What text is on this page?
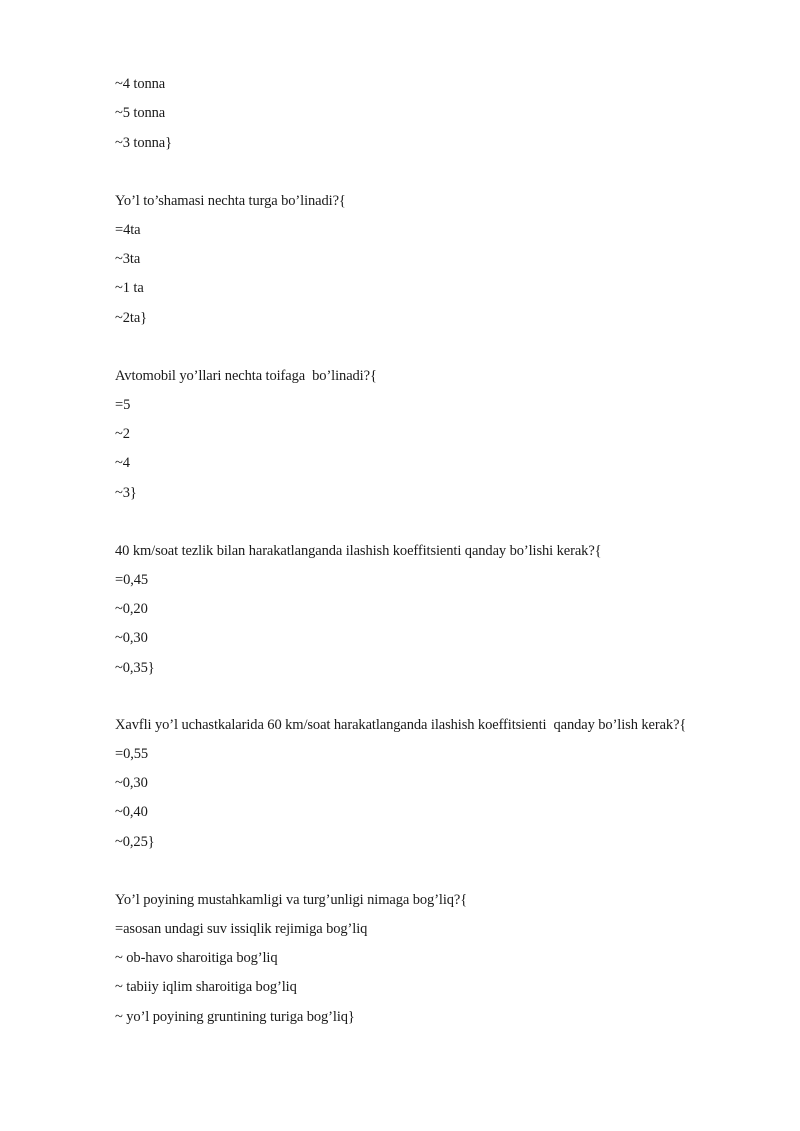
~4 tonna
~5 tonna
~3 tonna}
Yo’l to’shamasi nechta turga bo’linadi?{
=4ta
~3ta
~1 ta
~2ta}
Avtomobil yo’llari nechta toifaga  bo’linadi?{
=5
~2
~4
~3}
40 km/soat tezlik bilan harakatlanganda ilashish koeffitsienti qanday bo’lishi kerak?{
=0,45
~0,20
~0,30
~0,35}
Xavfli yo’l uchastkalarida 60 km/soat harakatlanganda ilashish koeffitsienti  qanday bo’lish kerak?{
=0,55
~0,30
~0,40
~0,25}
Yo’l poyining mustahkamligi va turg’unligi nimaga bog’liq?{
=asosan undagi suv issiqlik rejimiga bog’liq
~ ob-havo sharoitiga bog’liq
~ tabiiy iqlim sharoitiga bog’liq
~ yo’l poyining gruntining turiga bog’liq}
